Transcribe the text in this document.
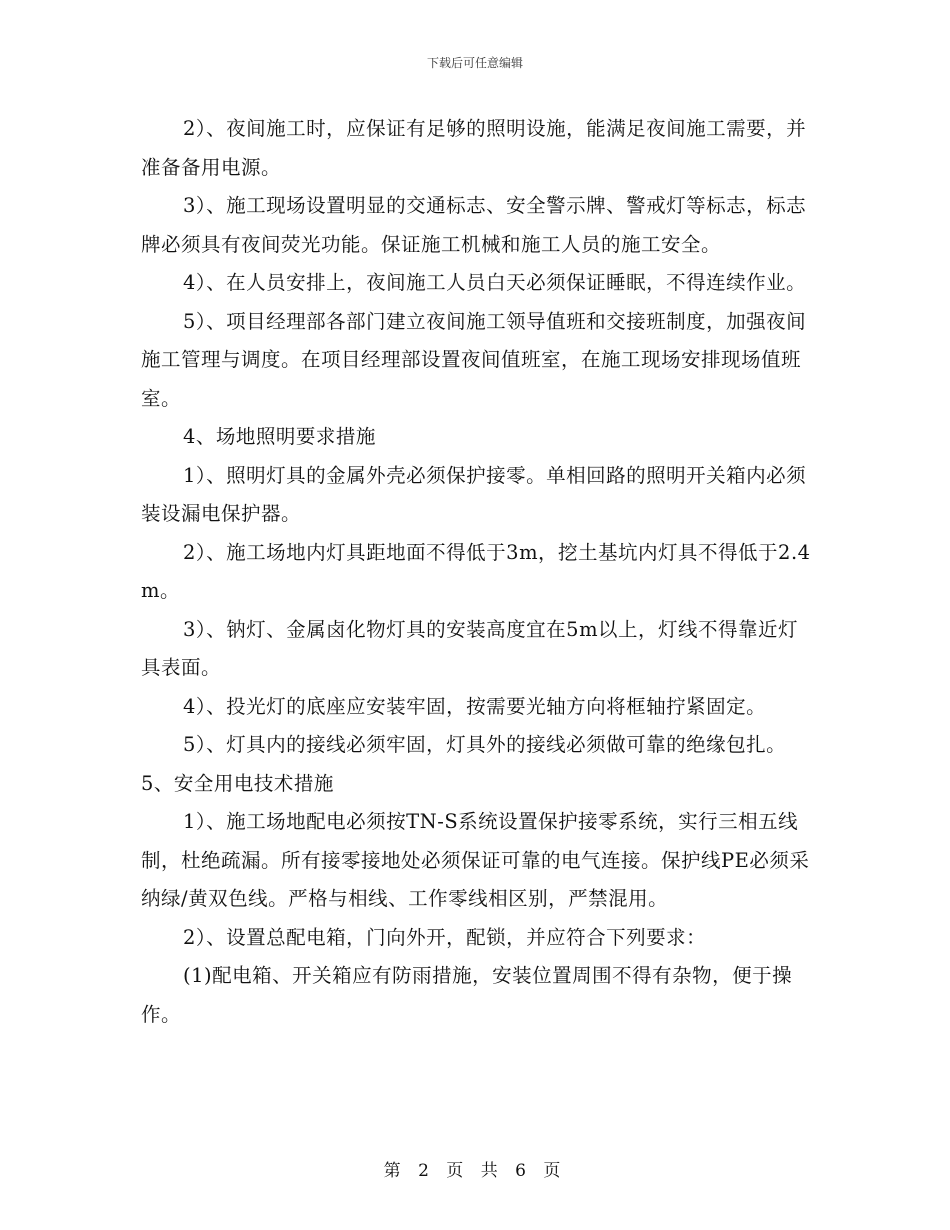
下载后可任意编辑

2）、夜间施工时，应保证有足够的照明设施，能满足夜间施工需要，并准备备用电源。

3）、施工现场设置明显的交通标志、安全警示牌、警戒灯等标志，标志牌必须具有夜间荧光功能。保证施工机械和施工人员的施工安全。

4）、在人员安排上，夜间施工人员白天必须保证睡眠，不得连续作业。

5）、项目经理部各部门建立夜间施工领导值班和交接班制度，加强夜间施工管理与调度。在项目经理部设置夜间值班室，在施工现场安排现场值班室。

4、场地照明要求措施

1）、照明灯具的金属外壳必须保护接零。单相回路的照明开关箱内必须装设漏电保护器。

2）、施工场地内灯具距地面不得低于3m，挖土基坑内灯具不得低于2.4m。

3）、钠灯、金属卤化物灯具的安装高度宜在5m以上，灯线不得靠近灯具表面。

4）、投光灯的底座应安装牢固，按需要光轴方向将框轴拧紧固定。

5）、灯具内的接线必须牢固，灯具外的接线必须做可靠的绝缘包扎。5、安全用电技术措施

1）、施工场地配电必须按TN-S系统设置保护接零系统，实行三相五线制，杜绝疏漏。所有接零接地处必须保证可靠的电气连接。保护线PE必须采纳绿/黄双色线。严格与相线、工作零线相区别，严禁混用。

2）、设置总配电箱，门向外开，配锁，并应符合下列要求：

(1)配电箱、开关箱应有防雨措施，安装位置周围不得有杂物，便于操作。

第 2 页 共 6 页
